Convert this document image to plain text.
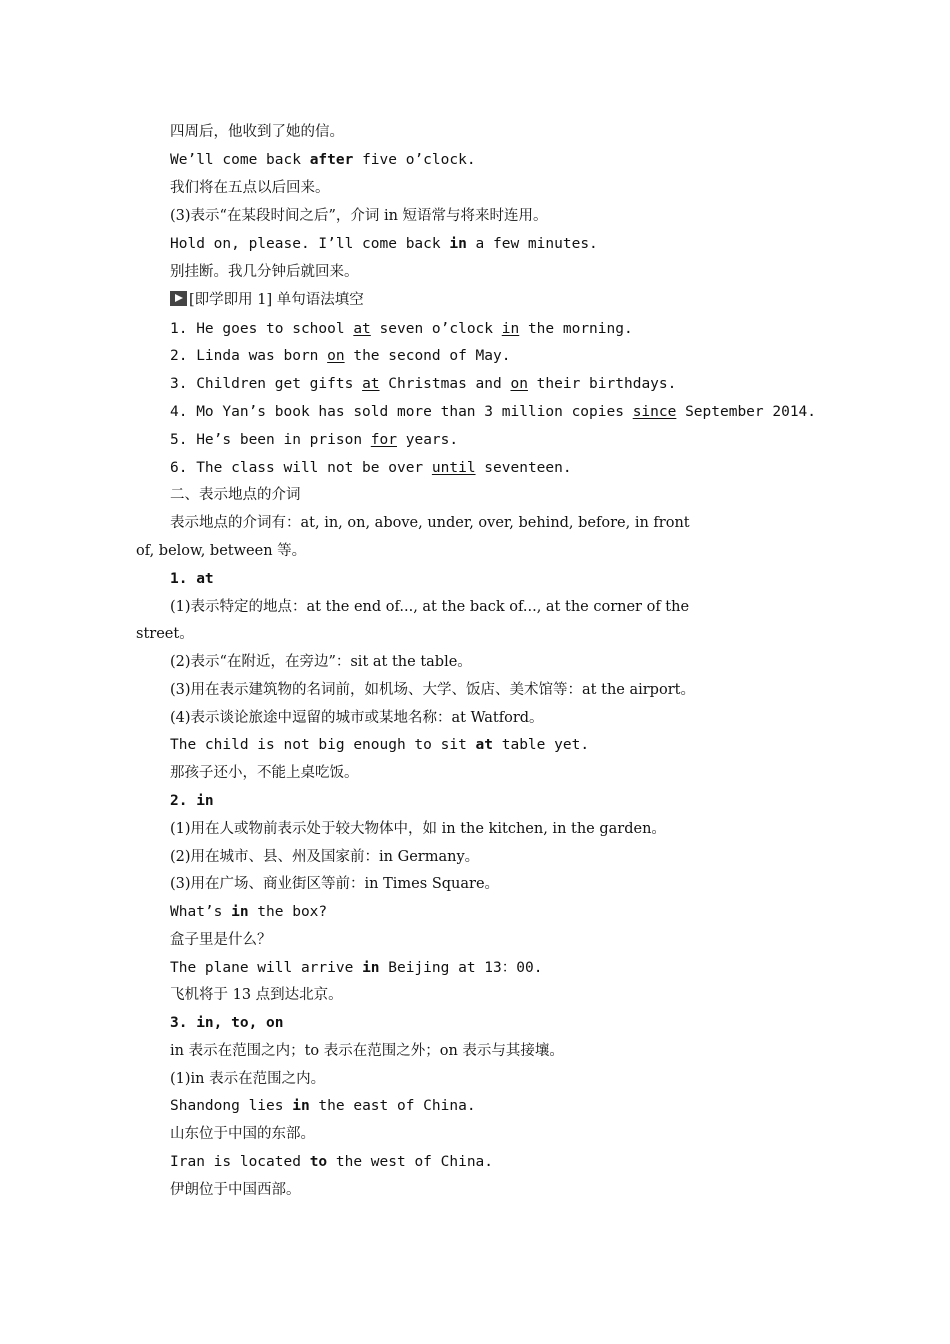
四周后，他收到了她的信。
We’ll come back after five o’clock.
我们将在五点以后回来。
(3)表示“在某段时间之后”，介词 in 短语常与将来时连用。
Hold on, please. I’ll come back in a few minutes.
别挂断。我几分钟后就回来。
[即学即用 1] 单句语法填空
1. He goes to school at seven o’clock in the morning.
2. Linda was born on the second of May.
3. Children get gifts at Christmas and on their birthdays.
4. Mo Yan’s book has sold more than 3 million copies since September 2014.
5. He’s been in prison for years.
6. The class will not be over until seventeen.
二、表示地点的介词
表示地点的介词有：at, in, on, above, under, over, behind, before, in front
of, below, between 等。
1. at
(1)表示特定的地点：at the end of..., at the back of..., at the corner of the
street。
(2)表示“在附近，在旁边”：sit at the table。
(3)用在表示建筑物的名词前，如机场、大学、饭店、美术馆等：at the airport。
(4)表示谈论旅途中逗留的城市或某地名称：at Watford。
The child is not big enough to sit at table yet.
那孩子还小，不能上桌吃饭。
2. in
(1)用在人或物前表示处于较大物体中，如 in the kitchen, in the garden。
(2)用在城市、县、州及国家前：in Germany。
(3)用在广场、商业街区等前：in Times Square。
What’s in the box?
盒子里是什么？
The plane will arrive in Beijing at 13：00.
飞机将于 13 点到达北京。
3. in, to, on
in 表示在范围之内；to 表示在范围之外；on 表示与其接壤。
(1)in 表示在范围之内。
Shandong lies in the east of China.
山东位于中国的东部。
Iran is located to the west of China.
伊朗位于中国西部。
